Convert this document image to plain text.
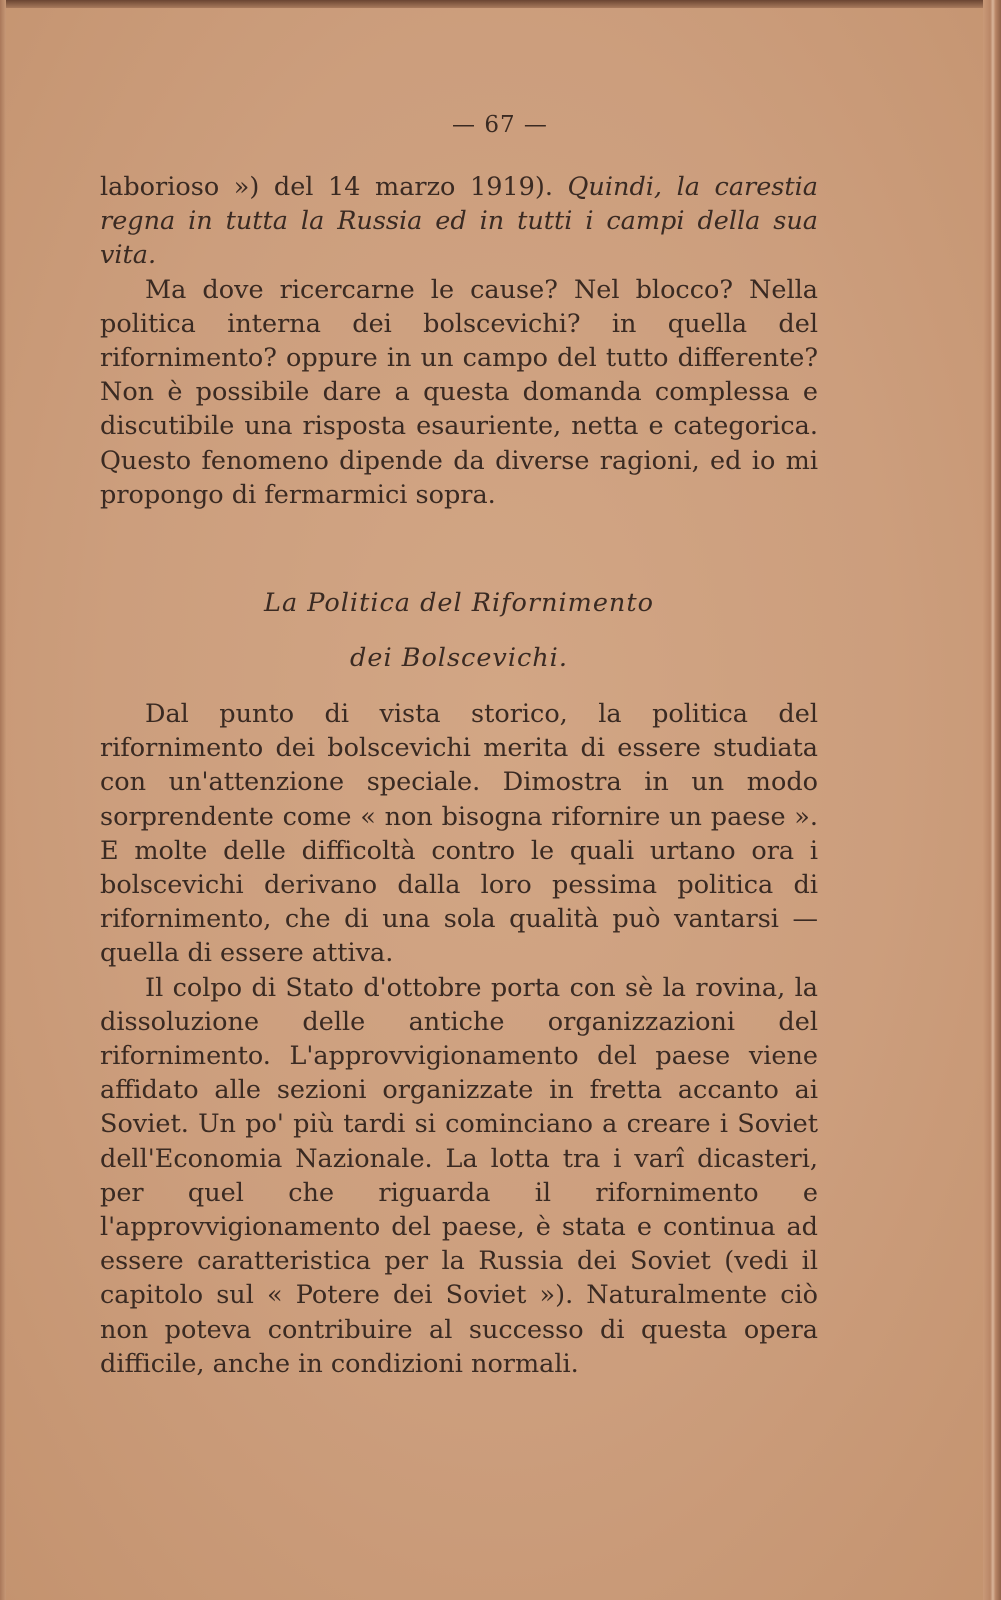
— 67 —

laborioso ») del 14 marzo 1919). Quindi, la carestia regna in tutta la Russia ed in tutti i campi della sua vita.

Ma dove ricercarne le cause? Nel blocco? Nella politica interna dei bolscevichi? in quella del rifornimento? oppure in un campo del tutto differente? Non è possibile dare a questa domanda complessa e discutibile una risposta esauriente, netta e categorica. Questo fenomeno dipende da diverse ragioni, ed io mi propongo di fermarmici sopra.

La Politica del Rifornimento
dei Bolscevichi.

Dal punto di vista storico, la politica del rifornimento dei bolscevichi merita di essere studiata con un'attenzione speciale. Dimostra in un modo sorprendente come « non bisogna rifornire un paese ». E molte delle difficoltà contro le quali urtano ora i bolscevichi derivano dalla loro pessima politica di rifornimento, che di una sola qualità può vantarsi — quella di essere attiva.

Il colpo di Stato d'ottobre porta con sè la rovina, la dissoluzione delle antiche organizzazioni del rifornimento. L'approvvigionamento del paese viene affidato alle sezioni organizzate in fretta accanto ai Soviet. Un po' più tardi si cominciano a creare i Soviet dell'Economia Nazionale. La lotta tra i varî dicasteri, per quel che riguarda il rifornimento e l'approvvigionamento del paese, è stata e continua ad essere caratteristica per la Russia dei Soviet (vedi il capitolo sul « Potere dei Soviet »). Naturalmente ciò non poteva contribuire al successo di questa opera difficile, anche in condizioni normali.
